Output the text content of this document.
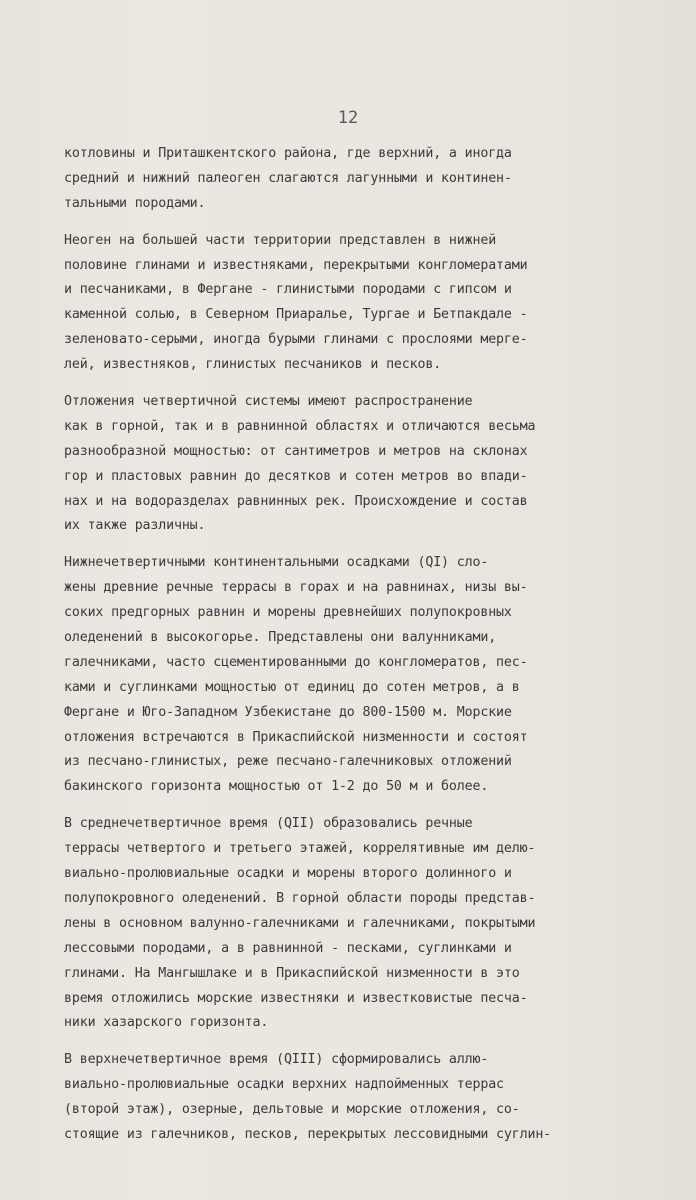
12
котловины и Приташкентского района, где верхний, а иногда
средний и нижний палеоген слагаются лагунными и континен-
тальными породами.
Неоген на большей части территории представлен в нижней
половине глинами и известняками, перекрытыми конгломератами
и песчаниками, в Фергане - глинистыми породами с гипсом и
каменной солью, в Северном Приаралье, Тургае и Бетпакдале -
зеленовато-серыми, иногда бурыми глинами с прослоями мерге-
лей, известняков, глинистых песчаников и песков.
Отложения четвертичной системы имеют распространение
как в горной, так и в равнинной областях и отличаются весьма
разнообразной мощностью: от сантиметров и метров на склонах
гор и пластовых равнин до десятков и сотен метров во впади-
нах и на водоразделах равнинных рек. Происхождение и состав
их также различны.
Нижнечетвертичными континентальными осадками (QI) сло-
жены древние речные террасы в горах и на равнинах, низы вы-
соких предгорных равнин и морены древнейших полупокровных
оледенений в высокогорье. Представлены они валунниками,
галечниками, часто сцементированными до конгломератов, пес-
ками и суглинками мощностью от единиц до сотен метров, а в
Фергане и Юго-Западном Узбекистане до 800-1500 м. Морские
отложения встречаются в Прикаспийской низменности и состоят
из песчано-глинистых, реже песчано-галечниковых отложений
бакинского горизонта мощностью от 1-2 до 50 м и более.
В среднечетвертичное время (QII) образовались речные
террасы четвертого и третьего этажей, коррелятивные им делю-
виально-пролювиальные осадки и морены второго долинного и
полупокровного оледенений. В горной области породы представ-
лены в основном валунно-галечниками и галечниками, покрытыми
лессовыми породами, а в равнинной - песками, суглинками и
глинами. На Мангышлаке и в Прикаспийской низменности в это
время отложились морские известняки и известковистые песча-
ники хазарского горизонта.
В верхнечетвертичное время (QIII) сформировались аллю-
виально-пролювиальные осадки верхних надпойменных террас
(второй этаж), озерные, дельтовые и морские отложения, со-
стоящие из галечников, песков, перекрытых лессовидными суглин-
